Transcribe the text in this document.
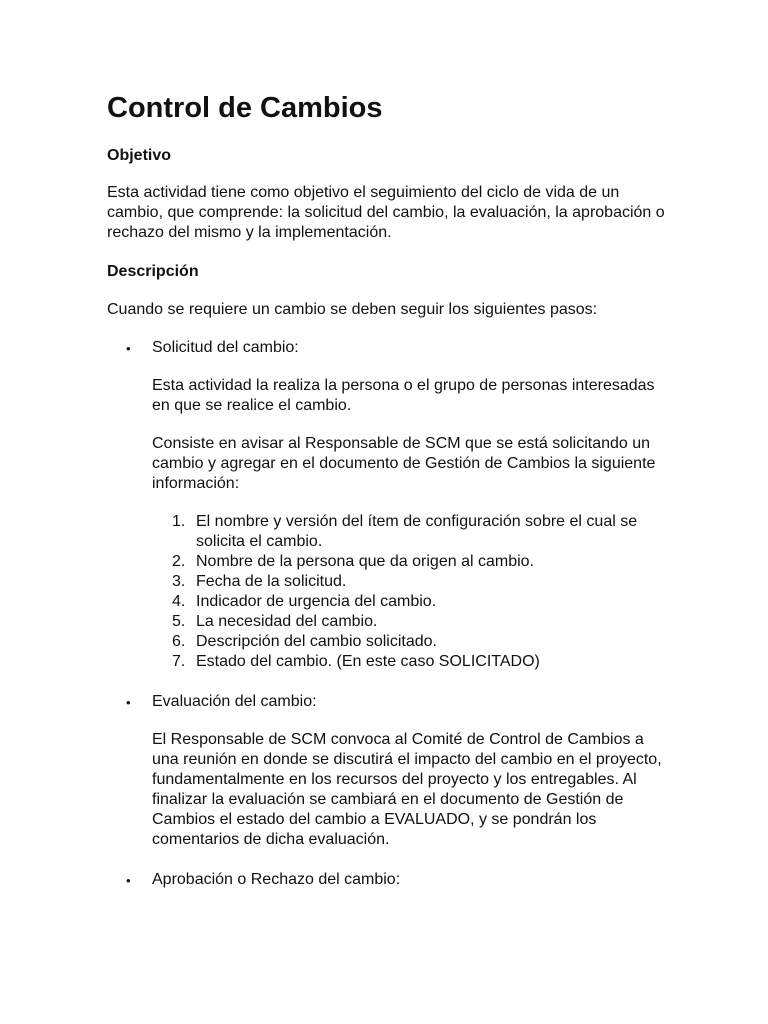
Control de Cambios
Objetivo
Esta actividad tiene como objetivo el seguimiento del ciclo de vida de un cambio, que comprende: la solicitud del cambio, la evaluación, la aprobación o rechazo del mismo y la implementación.
Descripción
Cuando se requiere un cambio se deben seguir los siguientes pasos:
• Solicitud del cambio:
Esta actividad la realiza la persona o el grupo de personas interesadas en que se realice el cambio.
Consiste en avisar al Responsable de SCM que se está solicitando un cambio y agregar en el documento de Gestión de Cambios la siguiente información:
1. El nombre y versión del ítem de configuración sobre el cual se solicita el cambio.
2. Nombre de la persona que da origen al cambio.
3. Fecha de la solicitud.
4. Indicador de urgencia del cambio.
5. La necesidad del cambio.
6. Descripción del cambio solicitado.
7. Estado del cambio. (En este caso SOLICITADO)
• Evaluación del cambio:
El Responsable de SCM convoca al Comité de Control de Cambios a una reunión en donde se discutirá el impacto del cambio en el proyecto, fundamentalmente en los recursos del proyecto y los entregables. Al finalizar la evaluación se cambiará en el documento de Gestión de Cambios el estado del cambio a EVALUADO, y se pondrán los comentarios de dicha evaluación.
• Aprobación o Rechazo del cambio:
